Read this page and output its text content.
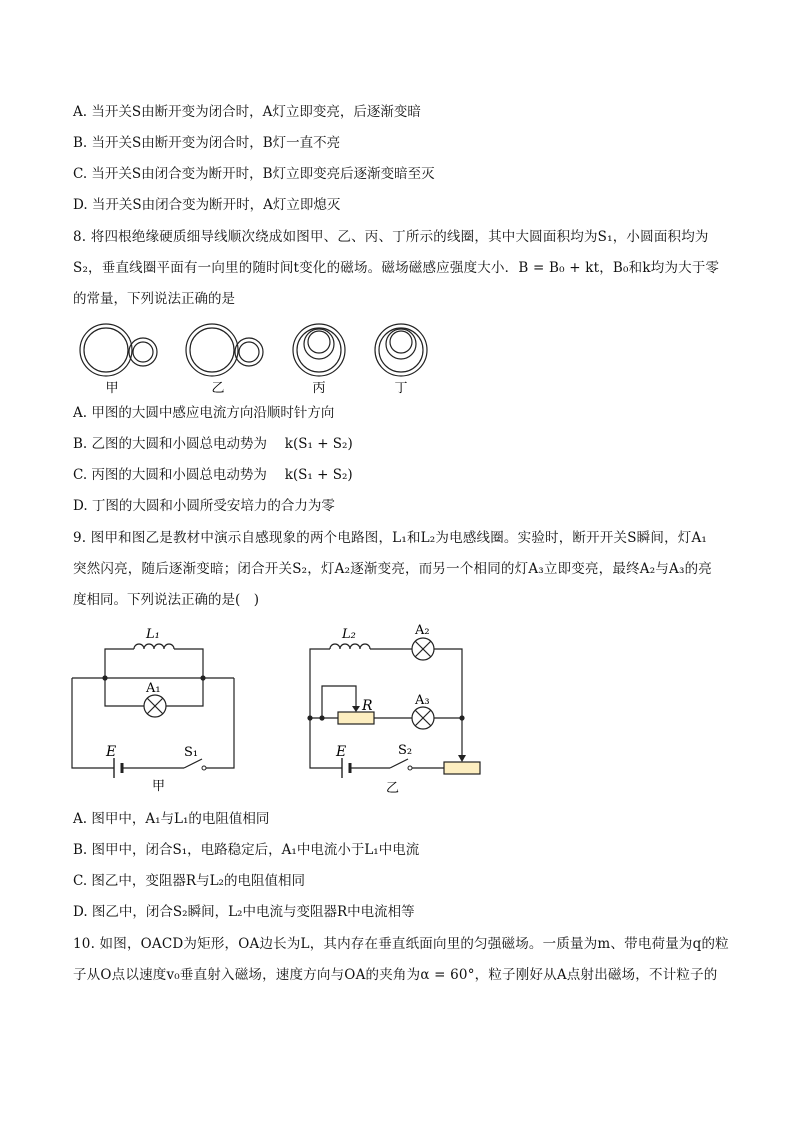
A. 当开关S由断开变为闭合时，A灯立即变亮，后逐渐变暗
B. 当开关S由断开变为闭合时，B灯一直不亮
C. 当开关S由闭合变为断开时，B灯立即变亮后逐渐变暗至灭
D. 当开关S由闭合变为断开时，A灯立即熄灭
8. 将四根绝缘硬质细导线顺次绕成如图甲、乙、丙、丁所示的线圈，其中大圆面积均为S₁，小圆面积均为
S₂，垂直线圈平面有一向里的随时间t变化的磁场。磁场磁感应强度大小．B = B₀ + kt，B₀和k均为大于零
的常量，下列说法正确的是
甲	乙	丙	丁
A. 甲图的大圆中感应电流方向沿顺时针方向
B. 乙图的大圆和小圆总电动势为　 k(S₁ + S₂)
C. 丙图的大圆和小圆总电动势为　 k(S₁ + S₂)
D. 丁图的大圆和小圆所受安培力的合力为零
9. 图甲和图乙是教材中演示自感现象的两个电路图，L₁和L₂为电感线圈。实验时，断开开关S瞬间，灯A₁
突然闪亮，随后逐渐变暗；闭合开关S₂，灯A₂逐渐变亮，而另一个相同的灯A₃立即变亮，最终A₂与A₃的亮
度相同。下列说法正确的是(　)
L₁
A₁
E	S₁
甲
L₂	A₂
A₃
R
E	S₂
乙
A. 图甲中，A₁与L₁的电阻值相同
B. 图甲中，闭合S₁，电路稳定后，A₁中电流小于L₁中电流
C. 图乙中，变阻器R与L₂的电阻值相同
D. 图乙中，闭合S₂瞬间，L₂中电流与变阻器R中电流相等
10. 如图，OACD为矩形，OA边长为L，其内存在垂直纸面向里的匀强磁场。一质量为m、带电荷量为q的粒
子从O点以速度v₀垂直射入磁场，速度方向与OA的夹角为α = 60°，粒子刚好从A点射出磁场，不计粒子的
